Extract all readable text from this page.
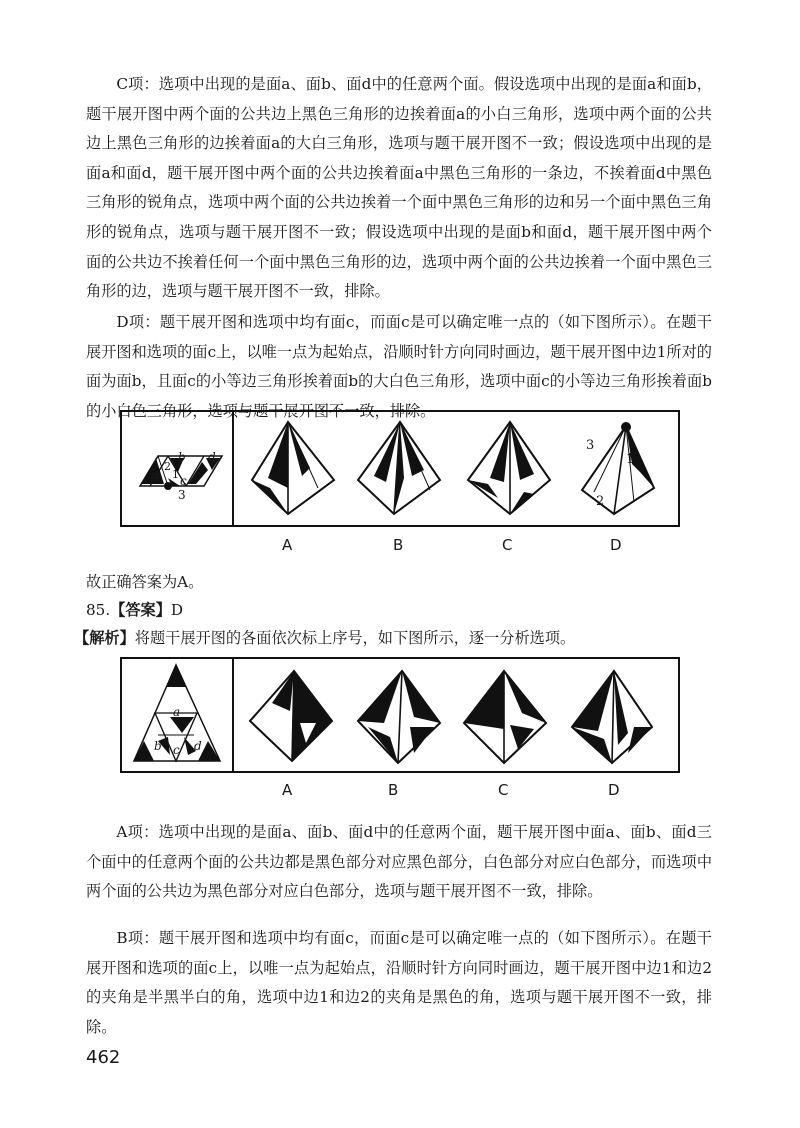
C项：选项中出现的是面a、面b、面d中的任意两个面。假设选项中出现的是面a和面b，题干展开图中两个面的公共边上黑色三角形的边挨着面a的小白三角形，选项中两个面的公共边上黑色三角形的边挨着面a的大白三角形，选项与题干展开图不一致；假设选项中出现的是面a和面d，题干展开图中两个面的公共边挨着面a中黑色三角形的一条边，不挨着面d中黑色三角形的锐角点，选项中两个面的公共边挨着一个面中黑色三角形的边和另一个面中黑色三角形的锐角点，选项与题干展开图不一致；假设选项中出现的是面b和面d，题干展开图中两个面的公共边不挨着任何一个面中黑色三角形的边，选项中两个面的公共边挨着一个面中黑色三角形的边，选项与题干展开图不一致，排除。

D项：题干展开图和选项中均有面c，而面c是可以确定唯一点的（如下图所示）。在题干展开图和选项的面c上，以唯一点为起始点，沿顺时针方向同时画边，题干展开图中边1所对的面为面b，且面c的小等边三角形挨着面b的大白色三角形，选项中面c的小等边三角形挨着面b的小白色三角形，选项与题干展开图不一致，排除。

b d
a c
2
1
3
3
1
2
A	B	C	D

故正确答案为A。

85.【答案】D

【解析】将题干展开图的各面依次标上序号，如下图所示，逐一分析选项。

a
b c d
A	B	C	D

A项：选项中出现的是面a、面b、面d中的任意两个面，题干展开图中面a、面b、面d三个面中的任意两个面的公共边都是黑色部分对应黑色部分，白色部分对应白色部分，而选项中两个面的公共边为黑色部分对应白色部分，选项与题干展开图不一致，排除。

B项：题干展开图和选项中均有面c，而面c是可以确定唯一点的（如下图所示）。在题干展开图和选项的面c上，以唯一点为起始点，沿顺时针方向同时画边，题干展开图中边1和边2的夹角是半黑半白的角，选项中边1和边2的夹角是黑色的角，选项与题干展开图不一致，排除。

462
